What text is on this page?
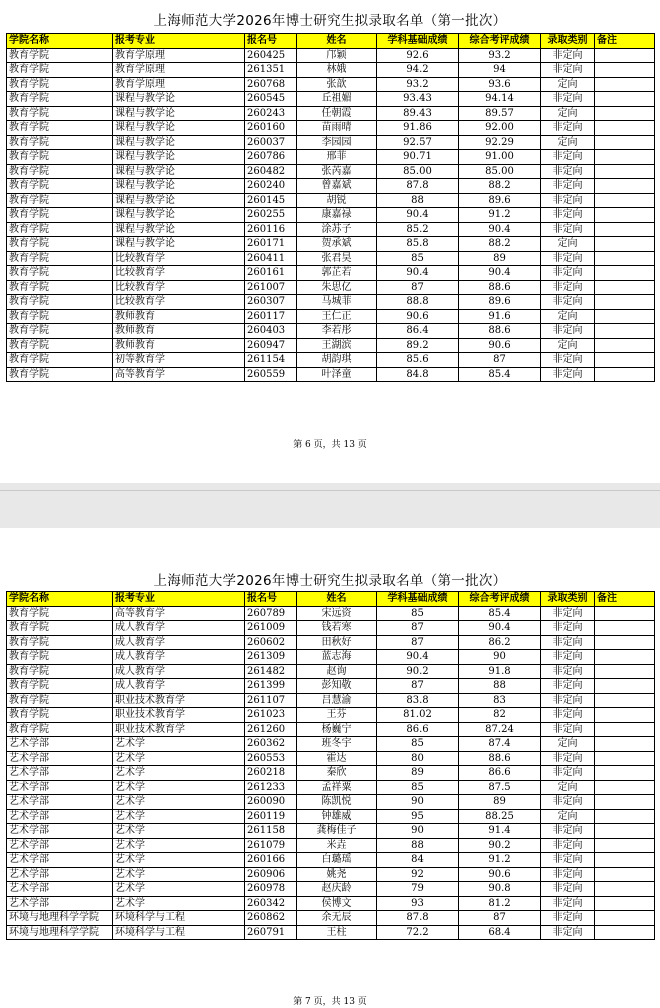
上海师范大学2026年博士研究生拟录取名单（第一批次）
学院名称	报考专业	报名号	姓名	学科基础成绩	综合考评成绩	录取类别	备注
教育学院	教育学原理	260425	邝颖	92.6	93.2	非定向	
教育学院	教育学原理	261351	林娥	94.2	94	非定向	
教育学院	教育学原理	260768	张歆	93.2	93.6	定向	
教育学院	课程与教学论	260545	丘祖媚	93.43	94.14	非定向	
教育学院	课程与教学论	260243	任朝霞	89.43	89.57	定向	
教育学院	课程与教学论	260160	苗雨晴	91.86	92.00	非定向	
教育学院	课程与教学论	260037	李园园	92.57	92.29	定向	
教育学院	课程与教学论	260786	邢菲	90.71	91.00	非定向	
教育学院	课程与教学论	260482	张芮嘉	85.00	85.00	非定向	
教育学院	课程与教学论	260240	曾嘉斌	87.8	88.2	非定向	
教育学院	课程与教学论	260145	胡锐	88	89.6	非定向	
教育学院	课程与教学论	260255	康嘉禄	90.4	91.2	非定向	
教育学院	课程与教学论	260116	涂苏子	85.2	90.4	非定向	
教育学院	课程与教学论	260171	贺承斌	85.8	88.2	定向	
教育学院	比较教育学	260411	张君昊	85	89	非定向	
教育学院	比较教育学	260161	郭芷若	90.4	90.4	非定向	
教育学院	比较教育学	261007	朱思亿	87	88.6	非定向	
教育学院	比较教育学	260307	马城菲	88.8	89.6	非定向	
教育学院	教师教育	260117	王仁正	90.6	91.6	定向	
教育学院	教师教育	260403	李若彤	86.4	88.6	非定向	
教育学院	教师教育	260947	王湖滨	89.2	90.6	定向	
教育学院	初等教育学	261154	胡韵琪	85.6	87	非定向	
教育学院	高等教育学	260559	叶泽童	84.8	85.4	非定向	
第 6 页，共 13 页
上海师范大学2026年博士研究生拟录取名单（第一批次）
学院名称	报考专业	报名号	姓名	学科基础成绩	综合考评成绩	录取类别	备注
教育学院	高等教育学	260789	宋远资	85	85.4	非定向	
教育学院	成人教育学	261009	钱若寒	87	90.4	非定向	
教育学院	成人教育学	260602	田秋好	87	86.2	非定向	
教育学院	成人教育学	261309	蓝志海	90.4	90	非定向	
教育学院	成人教育学	261482	赵询	90.2	91.8	非定向	
教育学院	成人教育学	261399	彭知敬	87	88	非定向	
教育学院	职业技术教育学	261107	吕慧渝	83.8	83	非定向	
教育学院	职业技术教育学	261023	王芬	81.02	82	非定向	
教育学院	职业技术教育学	261260	杨巍宁	86.6	87.24	非定向	
艺术学部	艺术学	260362	班冬宇	85	87.4	定向	
艺术学部	艺术学	260553	霍达	80	88.6	非定向	
艺术学部	艺术学	260218	秦欣	89	86.6	非定向	
艺术学部	艺术学	261233	孟祥粟	85	87.5	定向	
艺术学部	艺术学	260090	陈凯悦	90	89	非定向	
艺术学部	艺术学	260119	钟雄威	95	88.25	定向	
艺术学部	艺术学	261158	龚梅佳子	90	91.4	非定向	
艺术学部	艺术学	261079	米垚	88	90.2	非定向	
艺术学部	艺术学	260166	白璐瑶	84	91.2	非定向	
艺术学部	艺术学	260906	姚尧	92	90.6	非定向	
艺术学部	艺术学	260978	赵庆龄	79	90.8	非定向	
艺术学部	艺术学	260342	侯博文	93	81.2	非定向	
环境与地理科学学院	环境科学与工程	260862	余无辰	87.8	87	非定向	
环境与地理科学学院	环境科学与工程	260791	王柱	72.2	68.4	非定向	
第 7 页，共 13 页
